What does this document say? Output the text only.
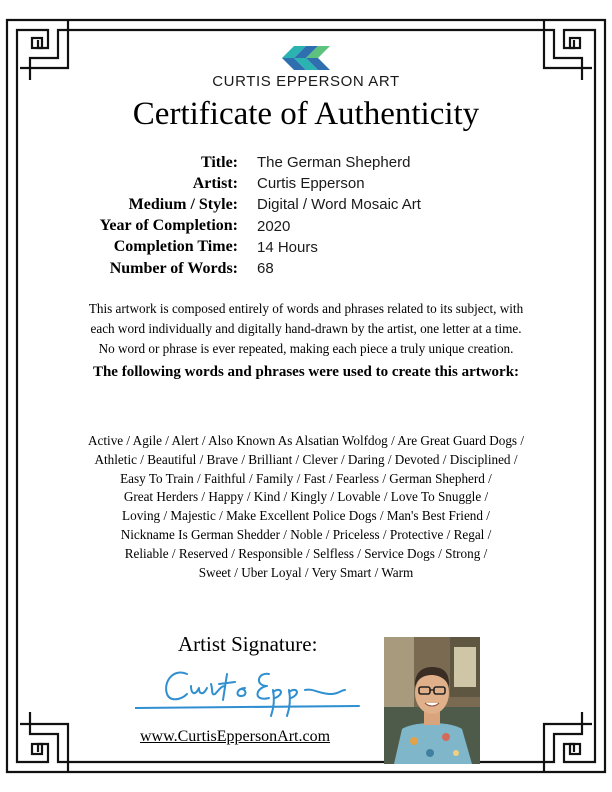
CURTIS EPPERSON ART
Certificate of Authenticity
Title: The German Shepherd
Artist: Curtis Epperson
Medium / Style: Digital / Word Mosaic Art
Year of Completion: 2020
Completion Time: 14 Hours
Number of Words: 68
This artwork is composed entirely of words and phrases related to its subject, with
each word individually and digitally hand-drawn by the artist, one letter at a time.
No word or phrase is ever repeated, making each piece a truly unique creation.
The following words and phrases were used to create this artwork:
Active / Agile / Alert / Also Known As Alsatian Wolfdog / Are Great Guard Dogs /
Athletic / Beautiful / Brave / Brilliant / Clever / Daring / Devoted / Disciplined /
Easy To Train / Faithful / Family / Fast / Fearless / German Shepherd /
Great Herders / Happy / Kind / Kingly / Lovable / Love To Snuggle /
Loving / Majestic / Make Excellent Police Dogs / Man's Best Friend /
Nickname Is German Shedder / Noble / Priceless / Protective / Regal /
Reliable / Reserved / Responsible / Selfless / Service Dogs / Strong /
Sweet / Uber Loyal / Very Smart / Warm
Artist Signature:
www.CurtisEppersonArt.com
